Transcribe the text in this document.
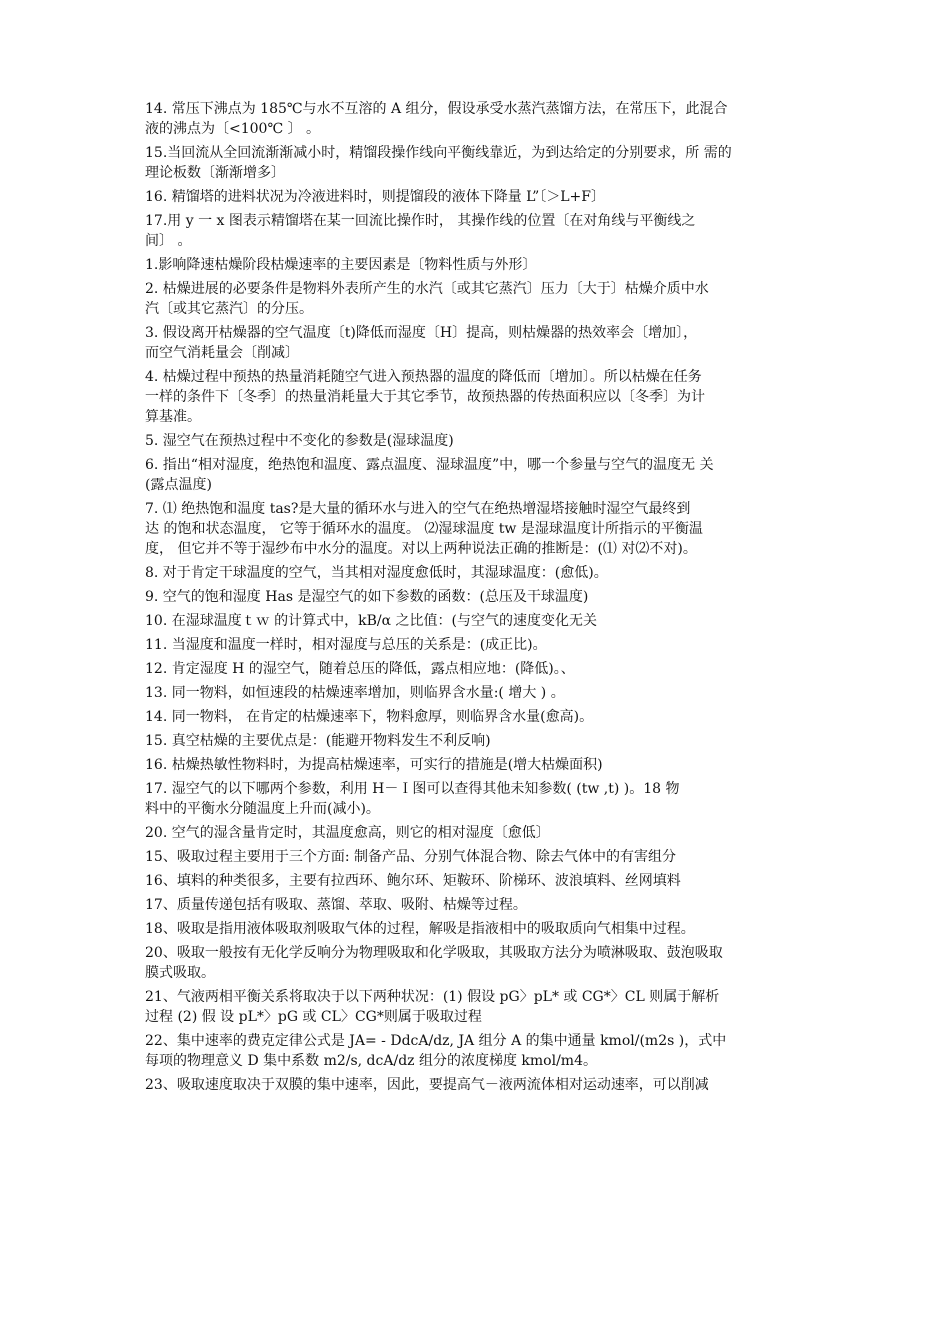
14. 常压下沸点为 185℃与水不互溶的 A 组分，假设承受水蒸汽蒸馏方法，在常压下，此混合
液的沸点为〔<100℃ 〕 。
15.当回流从全回流渐渐减小时，精馏段操作线向平衡线靠近，为到达给定的分别要求，所 需的
理论板数〔渐渐增多〕
16. 精馏塔的进料状况为冷液进料时，则提馏段的液体下降量 L”〔＞L+F〕
17.用 y 一 x 图表示精馏塔在某一回流比操作时， 其操作线的位置〔在对角线与平衡线之
间〕 。
1.影响降速枯燥阶段枯燥速率的主要因素是〔物料性质与外形〕
2. 枯燥进展的必要条件是物料外表所产生的水汽〔或其它蒸汽〕压力〔大于〕枯燥介质中水
汽〔或其它蒸汽〕的分压。
3. 假设离开枯燥器的空气温度〔t)降低而湿度〔H〕提高，则枯燥器的热效率会〔增加〕，
而空气消耗量会〔削减〕
4. 枯燥过程中预热的热量消耗随空气进入预热器的温度的降低而〔增加〕。所以枯燥在任务
一样的条件下〔冬季〕的热量消耗量大于其它季节，故预热器的传热面积应以〔冬季〕为计
算基准。
5. 湿空气在预热过程中不变化的参数是(湿球温度)
6. 指出“相对湿度，绝热饱和温度、露点温度、湿球温度”中，哪一个参量与空气的温度无 关
(露点温度)
7. ⑴ 绝热饱和温度 tas?是大量的循环水与进入的空气在绝热增湿塔接触时湿空气最终到
达 的饱和状态温度， 它等于循环水的温度。 ⑵湿球温度 tw 是湿球温度计所指示的平衡温
度， 但它并不等于湿纱布中水分的温度。对以上两种说法正确的推断是：(⑴ 对⑵不对)。
8. 对于肯定干球温度的空气，当其相对湿度愈低时，其湿球温度：(愈低)。
9. 空气的饱和湿度 Has 是湿空气的如下参数的函数：(总压及干球温度)
10. 在湿球温度ｔｗ 的计算式中，kB/α 之比值：(与空气的速度变化无关
11. 当湿度和温度一样时，相对湿度与总压的关系是：(成正比)。
12. 肯定湿度 H 的湿空气，随着总压的降低，露点相应地：(降低)。、
13. 同一物料，如恒速段的枯燥速率增加，则临界含水量:( 增大 ) 。
14. 同一物料， 在肯定的枯燥速率下，物料愈厚，则临界含水量(愈高)。
15. 真空枯燥的主要优点是：(能避开物料发生不利反响)
16. 枯燥热敏性物料时，为提高枯燥速率，可实行的措施是(增大枯燥面积)
17. 湿空气的以下哪两个参数，利用 H－Ｉ图可以查得其他未知参数( (tw ,t) )。18 物
料中的平衡水分随温度上升而(减小)。
20. 空气的湿含量肯定时，其温度愈高，则它的相对湿度〔愈低〕
15、吸取过程主要用于三个方面: 制备产品、分别气体混合物、除去气体中的有害组分
16、填料的种类很多，主要有拉西环、鲍尔环、矩鞍环、阶梯环、波浪填料、丝网填料
17、质量传递包括有吸取、蒸馏、萃取、吸附、枯燥等过程。
18、吸取是指用液体吸取剂吸取气体的过程，解吸是指液相中的吸取质向气相集中过程。
20、吸取一般按有无化学反响分为物理吸取和化学吸取，其吸取方法分为喷淋吸取、鼓泡吸取
膜式吸取。
21、气液两相平衡关系将取决于以下两种状况：(1) 假设 pG〉pL* 或 CG*〉CL 则属于解析
过程 (2) 假 设 pL*〉pG 或 CL〉CG*则属于吸取过程
22、集中速率的费克定律公式是 JA= - DdcA/dz, JA 组分 A 的集中通量 kmol/(m2s )，式中
每项的物理意义 D 集中系数 m2/s, dcA/dz 组分的浓度梯度 kmol/m4。
23、吸取速度取决于双膜的集中速率，因此，要提高气－液两流体相对运动速率，可以削减
